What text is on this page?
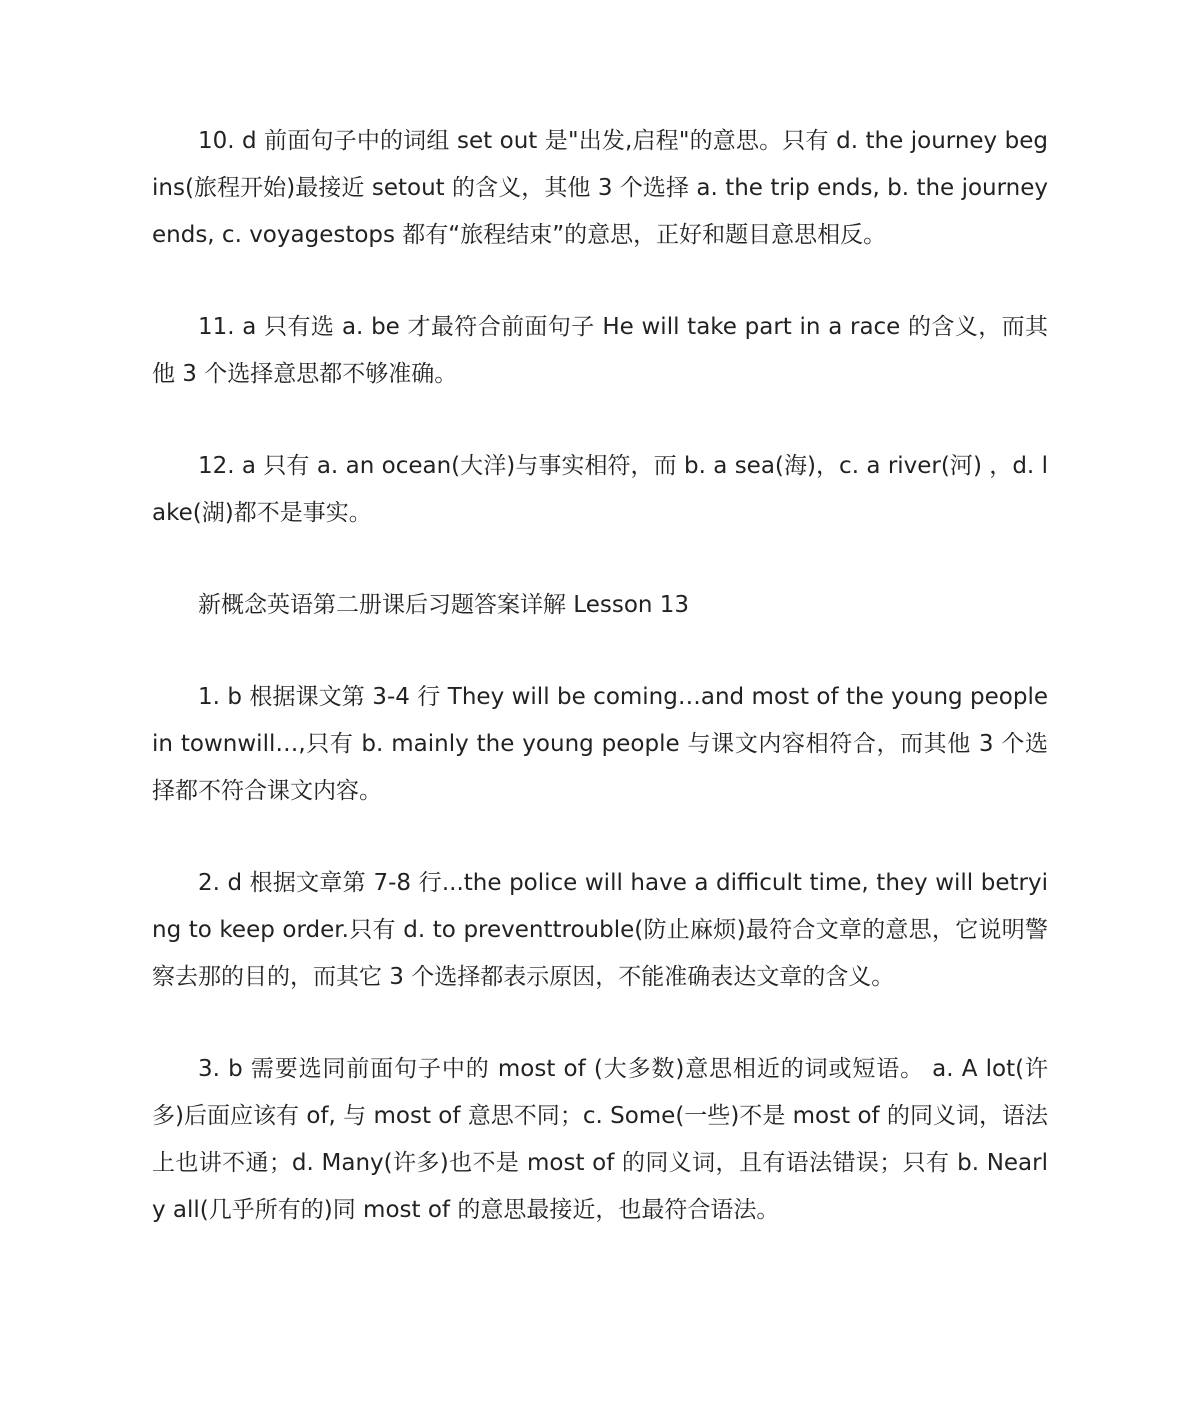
10. d 前面句子中的词组 set out 是"出发,启程"的意思。只有 d. the journey begins(旅程开始)最接近 setout 的含义，其他 3 个选择 a. the trip ends, b. the journey ends, c. voyagestops 都有“旅程结束”的意思，正好和题目意思相反。

11. a 只有选 a. be 才最符合前面句子 He will take part in a race 的含义，而其他 3 个选择意思都不够准确。

12. a 只有 a. an ocean(大洋)与事实相符，而 b. a sea(海)，c. a river(河) ，d. lake(湖)都不是事实。

新概念英语第二册课后习题答案详解 Lesson 13

1. b 根据课文第 3-4 行 They will be coming…and most of the young people in townwill…,只有 b. mainly the young people 与课文内容相符合，而其他 3 个选择都不符合课文内容。

2. d 根据文章第 7-8 行...the police will have a difficult time, they will betrying to keep order.只有 d. to preventtrouble(防止麻烦)最符合文章的意思，它说明警察去那的目的，而其它 3 个选择都表示原因，不能准确表达文章的含义。

3. b 需要选同前面句子中的 most of (大多数)意思相近的词或短语。 a. A lot(许多)后面应该有 of, 与 most of 意思不同；c. Some(一些)不是 most of 的同义词，语法上也讲不通；d. Many(许多)也不是 most of 的同义词，且有语法错误；只有 b. Nearly all(几乎所有的)同 most of 的意思最接近，也最符合语法。
